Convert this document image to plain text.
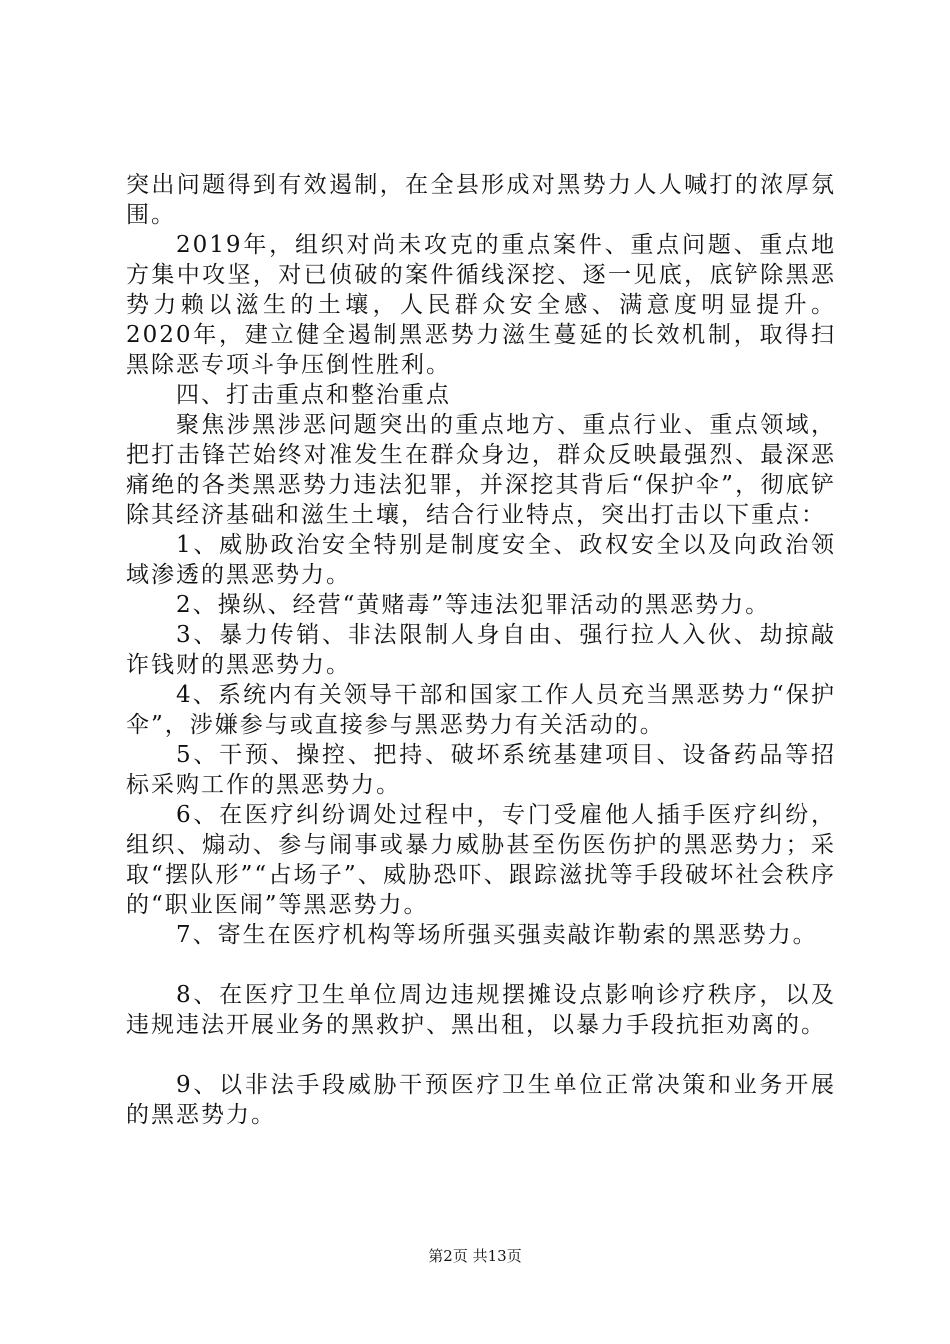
突出问题得到有效遏制，在全县形成对黑势力人人喊打的浓厚氛围。

2019年，组织对尚未攻克的重点案件、重点问题、重点地方集中攻坚，对已侦破的案件循线深挖、逐一见底，底铲除黑恶势力赖以滋生的土壤，人民群众安全感、满意度明显提升。2020年，建立健全遏制黑恶势力滋生蔓延的长效机制，取得扫黑除恶专项斗争压倒性胜利。

四、打击重点和整治重点

聚焦涉黑涉恶问题突出的重点地方、重点行业、重点领域，把打击锋芒始终对准发生在群众身边，群众反映最强烈、最深恶痛绝的各类黑恶势力违法犯罪，并深挖其背后“保护伞”，彻底铲除其经济基础和滋生土壤，结合行业特点，突出打击以下重点：

1、威胁政治安全特别是制度安全、政权安全以及向政治领域渗透的黑恶势力。

2、操纵、经营“黄赌毒”等违法犯罪活动的黑恶势力。

3、暴力传销、非法限制人身自由、强行拉人入伙、劫掠敲诈钱财的黑恶势力。

4、系统内有关领导干部和国家工作人员充当黑恶势力“保护伞”，涉嫌参与或直接参与黑恶势力有关活动的。

5、干预、操控、把持、破坏系统基建项目、设备药品等招标采购工作的黑恶势力。

6、在医疗纠纷调处过程中，专门受雇他人插手医疗纠纷，组织、煽动、参与闹事或暴力威胁甚至伤医伤护的黑恶势力；采取“摆队形”“占场子”、威胁恐吓、跟踪滋扰等手段破坏社会秩序的“职业医闹”等黑恶势力。

7、寄生在医疗机构等场所强买强卖敲诈勒索的黑恶势力。

8、在医疗卫生单位周边违规摆摊设点影响诊疗秩序，以及违规违法开展业务的黑救护、黑出租，以暴力手段抗拒劝离的。

9、以非法手段威胁干预医疗卫生单位正常决策和业务开展的黑恶势力。

第2页 共13页
